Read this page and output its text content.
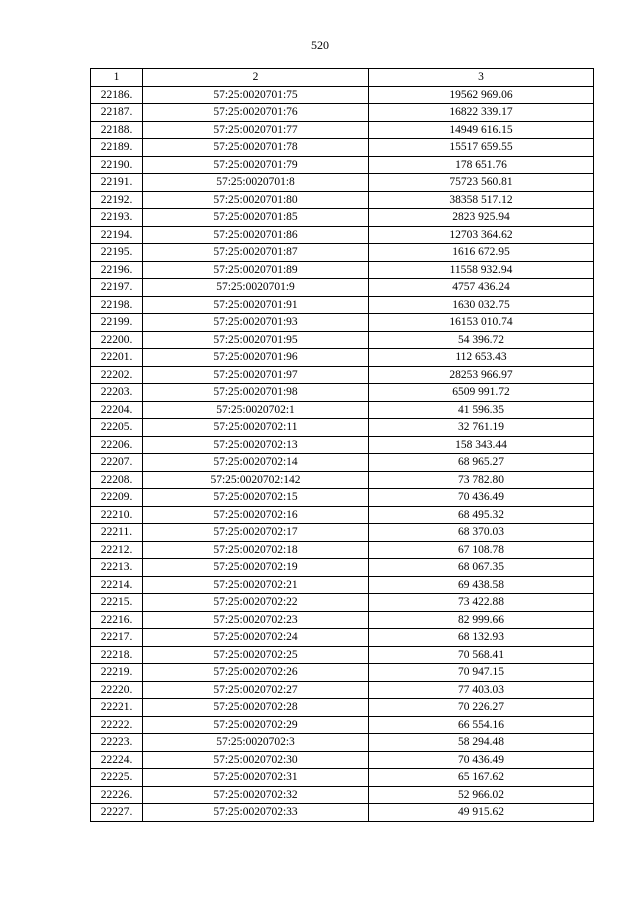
520
1	2	3
22186.	57:25:0020701:75	19562 969.06
22187.	57:25:0020701:76	16822 339.17
22188.	57:25:0020701:77	14949 616.15
22189.	57:25:0020701:78	15517 659.55
22190.	57:25:0020701:79	178 651.76
22191.	57:25:0020701:8	75723 560.81
22192.	57:25:0020701:80	38358 517.12
22193.	57:25:0020701:85	2823 925.94
22194.	57:25:0020701:86	12703 364.62
22195.	57:25:0020701:87	1616 672.95
22196.	57:25:0020701:89	11558 932.94
22197.	57:25:0020701:9	4757 436.24
22198.	57:25:0020701:91	1630 032.75
22199.	57:25:0020701:93	16153 010.74
22200.	57:25:0020701:95	54 396.72
22201.	57:25:0020701:96	112 653.43
22202.	57:25:0020701:97	28253 966.97
22203.	57:25:0020701:98	6509 991.72
22204.	57:25:0020702:1	41 596.35
22205.	57:25:0020702:11	32 761.19
22206.	57:25:0020702:13	158 343.44
22207.	57:25:0020702:14	68 965.27
22208.	57:25:0020702:142	73 782.80
22209.	57:25:0020702:15	70 436.49
22210.	57:25:0020702:16	68 495.32
22211.	57:25:0020702:17	68 370.03
22212.	57:25:0020702:18	67 108.78
22213.	57:25:0020702:19	68 067.35
22214.	57:25:0020702:21	69 438.58
22215.	57:25:0020702:22	73 422.88
22216.	57:25:0020702:23	82 999.66
22217.	57:25:0020702:24	68 132.93
22218.	57:25:0020702:25	70 568.41
22219.	57:25:0020702:26	70 947.15
22220.	57:25:0020702:27	77 403.03
22221.	57:25:0020702:28	70 226.27
22222.	57:25:0020702:29	66 554.16
22223.	57:25:0020702:3	58 294.48
22224.	57:25:0020702:30	70 436.49
22225.	57:25:0020702:31	65 167.62
22226.	57:25:0020702:32	52 966.02
22227.	57:25:0020702:33	49 915.62
